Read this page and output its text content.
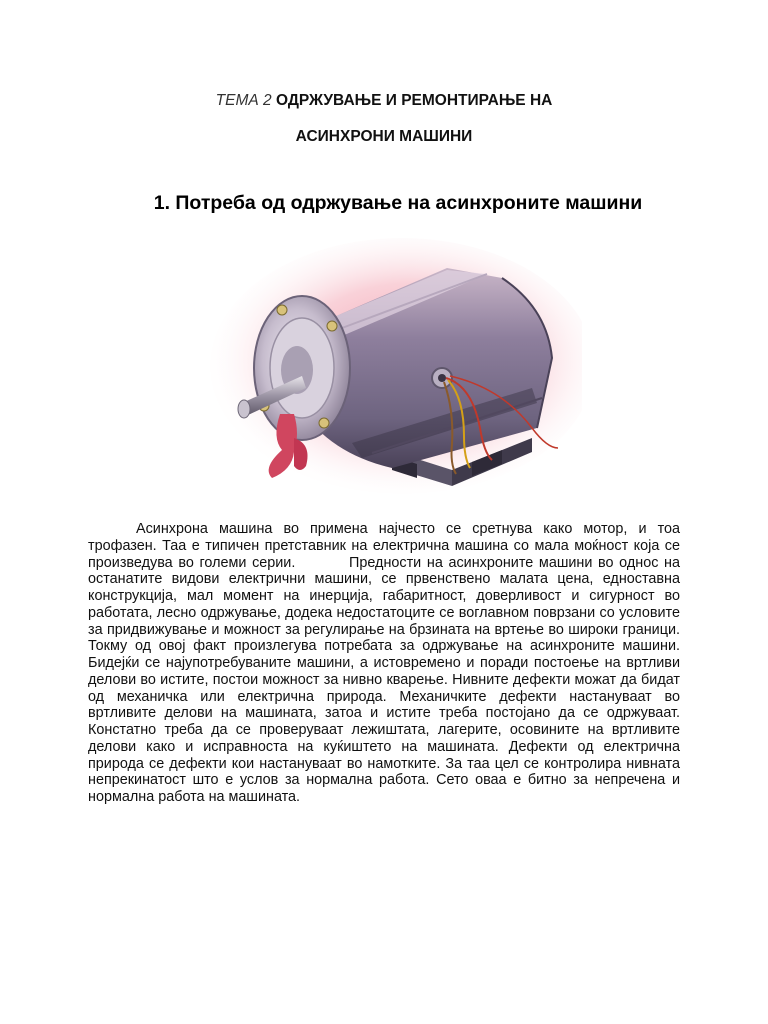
ТЕМА 2 ОДРЖУВАЊЕ И РЕМОНТИРАЊЕ НА
АСИНХРОНИ МАШИНИ
1. Потреба од одржување на асинхроните машини
Асинхрона машина во примена најчесто се сретнува како мотор, и тоа трофазен. Таа е типичен претставник на електрична машина со мала моќност која се произведува во големи серии.	Предности на асинхроните машини во однос на останатите видови електрични машини, се првенствено малата цена, едноставна конструкција, мал момент на инерција, габаритност, доверливост и сигурност во работата, лесно одржување, додека недостатоците се воглавном поврзани со условите за придвижување и можност за регулирање на брзината на вртење во широки граници. Токму од овој факт произлегува потребата за одржување на асинхроните машини. Бидејќи се најупотребуваните машини, а истовремено и поради постоење на вртливи делови во истите, постои можност за нивно кварење. Нивните дефекти можат да бидат од механичка или електрична природа. Механичките дефекти настануваат во вртливите делови на машината, затоа и истите треба постојано да се одржуваат. Констатно треба да се проверуваат лежиштата, лагерите, осовините на вртливите делови како и исправноста на куќиштето на машината. Дефекти од електрична природа се дефекти кои настануваат во намотките. За таа цел се контролира нивната непрекинатост што е услов за нормална работа. Сето оваа е битно за непречена и нормална работа на машината.
